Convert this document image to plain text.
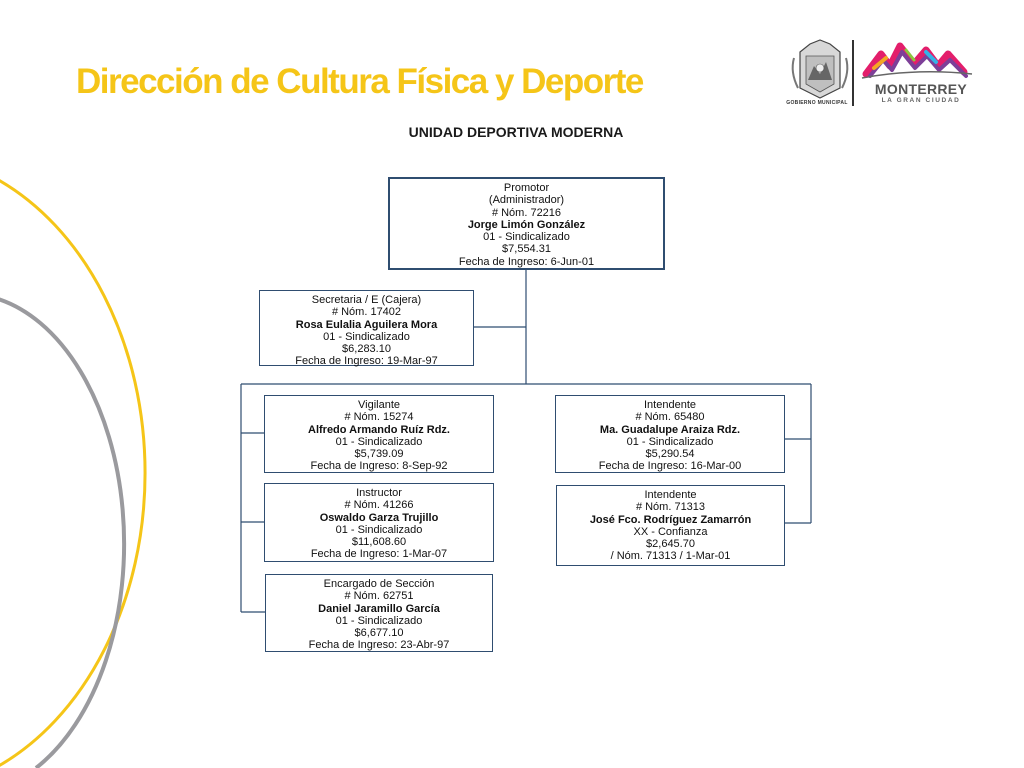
Dirección de Cultura Física y Deporte
UNIDAD DEPORTIVA MODERNA
GOBIERNO MUNICIPAL
MONTERREY
LA GRAN CIUDAD
Promotor
(Administrador)
# Nóm. 72216
Jorge Limón González
01 - Sindicalizado
$7,554.31
Fecha de Ingreso: 6-Jun-01
Secretaria / E (Cajera)
# Nóm. 17402
Rosa Eulalia Aguilera Mora
01 - Sindicalizado
$6,283.10
Fecha de Ingreso: 19-Mar-97
Vigilante
# Nóm. 15274
Alfredo Armando Ruíz Rdz.
01 - Sindicalizado
$5,739.09
Fecha de Ingreso: 8-Sep-92
Instructor
# Nóm. 41266
Oswaldo Garza Trujillo
01 - Sindicalizado
$11,608.60
Fecha de Ingreso: 1-Mar-07
Encargado de Sección
# Nóm. 62751
Daniel Jaramillo García
01 - Sindicalizado
$6,677.10
Fecha de Ingreso: 23-Abr-97
Intendente
# Nóm. 65480
Ma. Guadalupe Araiza Rdz.
01 - Sindicalizado
$5,290.54
Fecha de Ingreso: 16-Mar-00
Intendente
# Nóm. 71313
José Fco. Rodríguez Zamarrón
XX - Confianza
$2,645.70
/ Nóm. 71313 / 1-Mar-01
